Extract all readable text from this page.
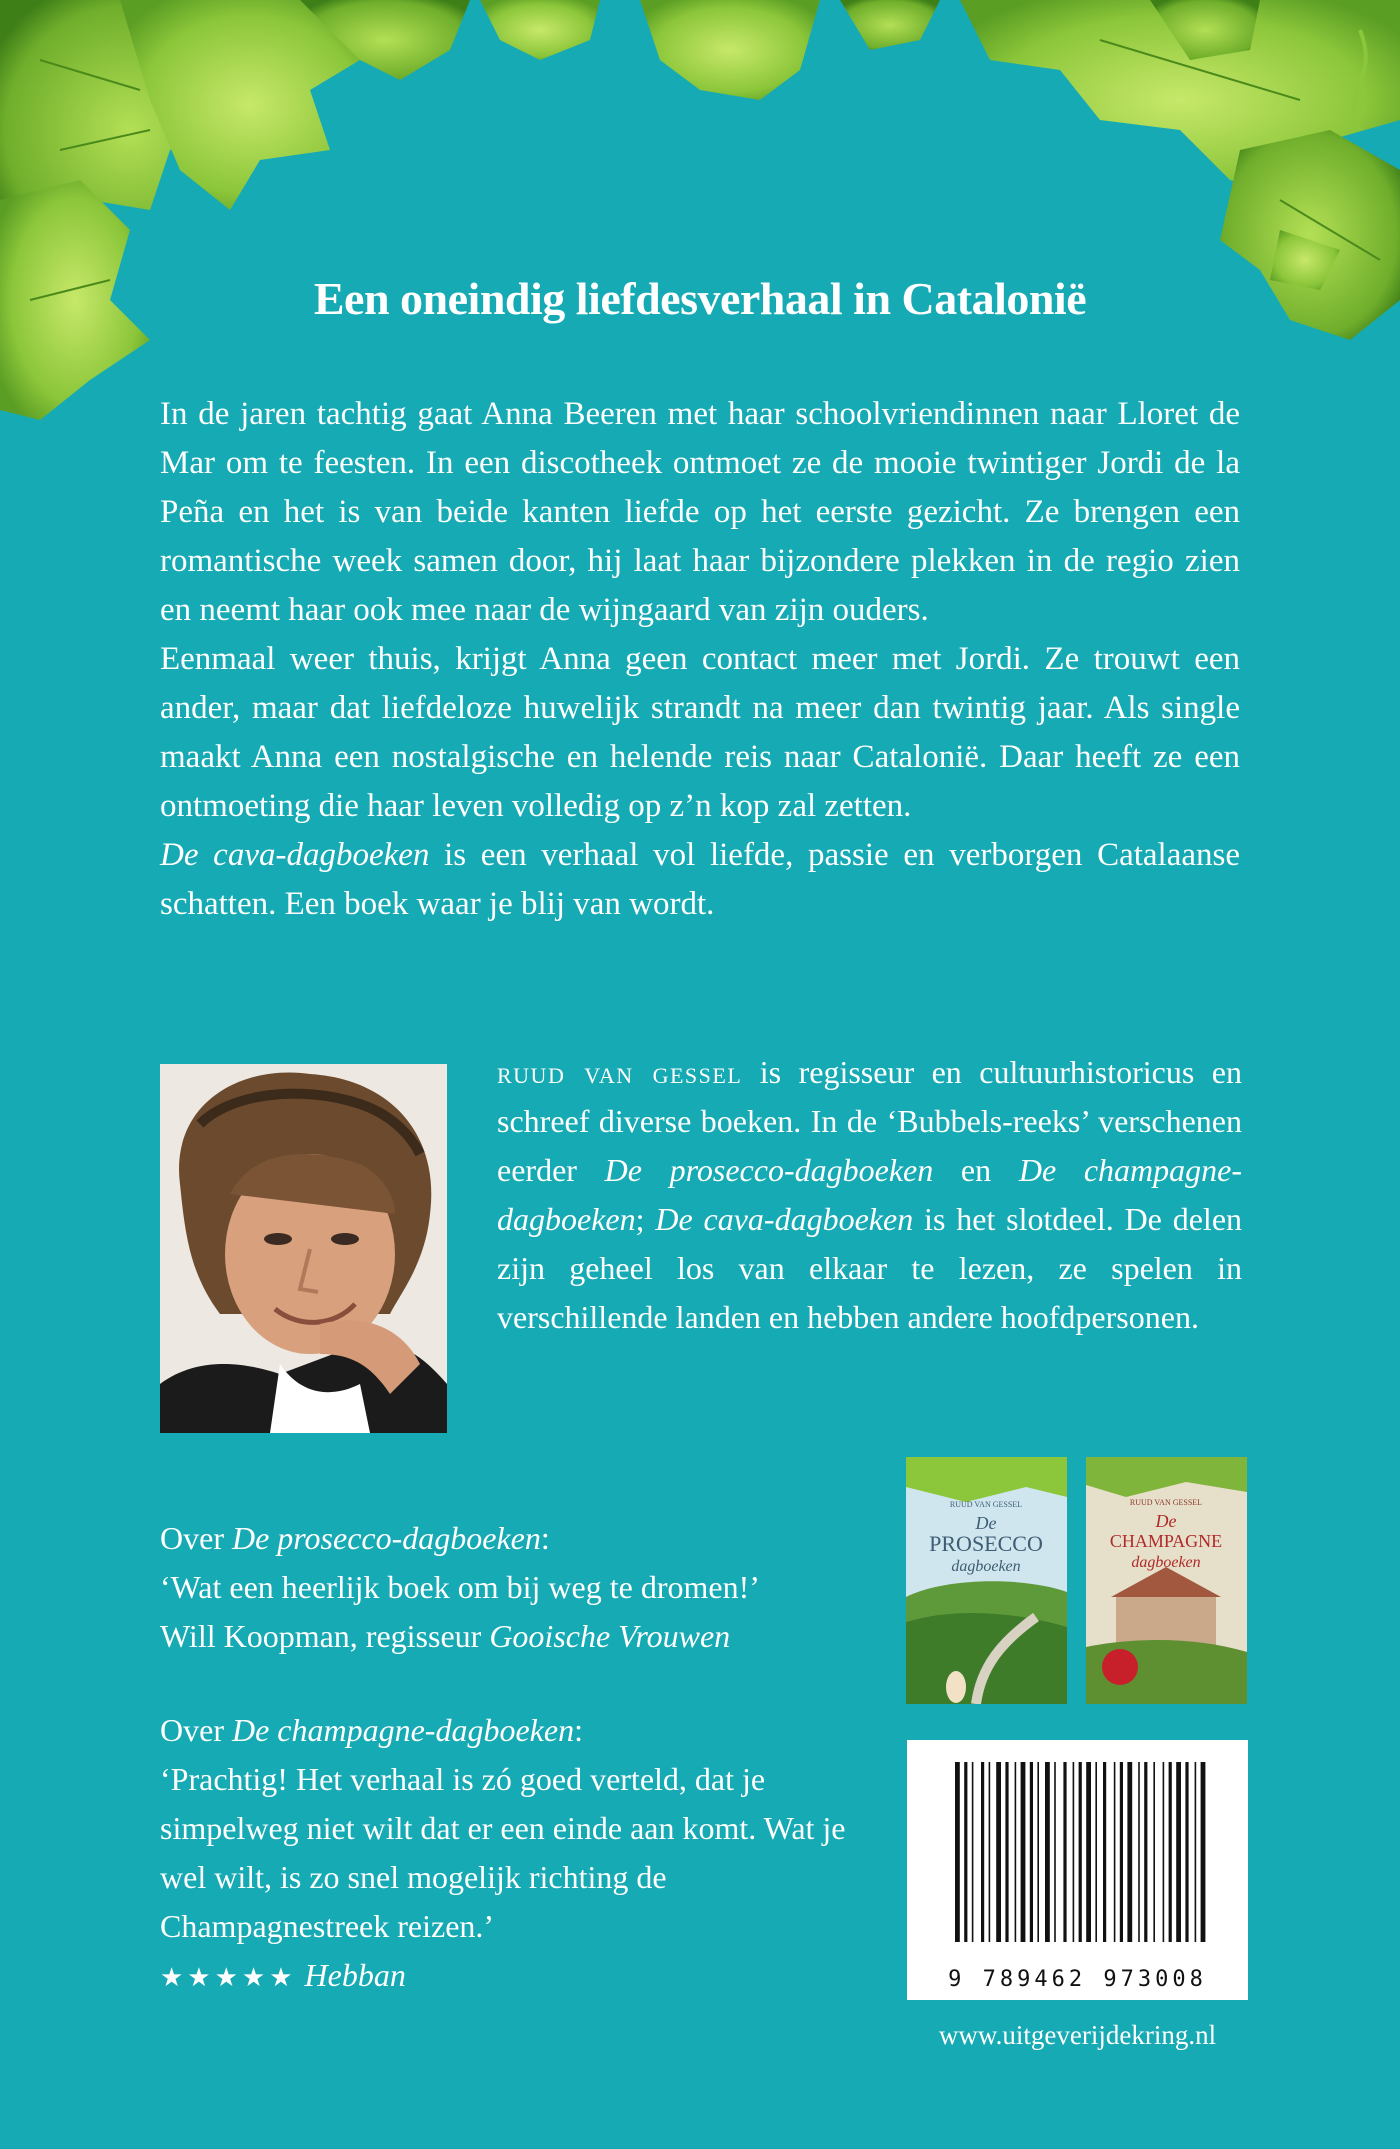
Een oneindig liefdesverhaal in Catalonië

In de jaren tachtig gaat Anna Beeren met haar schoolvriendinnen naar Lloret de Mar om te feesten. In een discotheek ontmoet ze de mooie twintiger Jordi de la Peña en het is van beide kanten liefde op het eerste gezicht. Ze brengen een romantische week samen door, hij laat haar bijzondere plekken in de regio zien en neemt haar ook mee naar de wijngaard van zijn ouders.

Eenmaal weer thuis, krijgt Anna geen contact meer met Jordi. Ze trouwt een ander, maar dat liefdeloze huwelijk strandt na meer dan twintig jaar. Als single maakt Anna een nostalgische en helende reis naar Catalonië. Daar heeft ze een ontmoeting die haar leven volledig op z’n kop zal zetten.

De cava-dagboeken is een verhaal vol liefde, passie en verborgen Catalaanse schatten. Een boek waar je blij van wordt.

ruud van gessel is regisseur en cultuurhistoricus en schreef diverse boeken. In de ‘Bubbels-reeks’ verschenen eerder De prosecco-dagboeken en De champagne-dagboeken; De cava-dagboeken is het slotdeel. De delen zijn geheel los van elkaar te lezen, ze spelen in verschillende landen en hebben andere hoofdpersonen.
Over De prosecco-dagboeken:
‘Wat een heerlijk boek om bij weg te dromen!’
Will Koopman, regisseur Gooische Vrouwen
Over De champagne-dagboeken:
‘Prachtig! Het verhaal is zó goed verteld, dat je simpelweg niet wilt dat er een einde aan komt. Wat je wel wilt, is zo snel mogelijk richting de Champagnestreek reizen.’
★★★★★ Hebban
RUUD VAN GESSEL
De
PROSECCO
dagboeken
RUUD VAN GESSEL
De
CHAMPAGNE
dagboeken
9 789462 973008
www.uitgeverijdekring.nl
